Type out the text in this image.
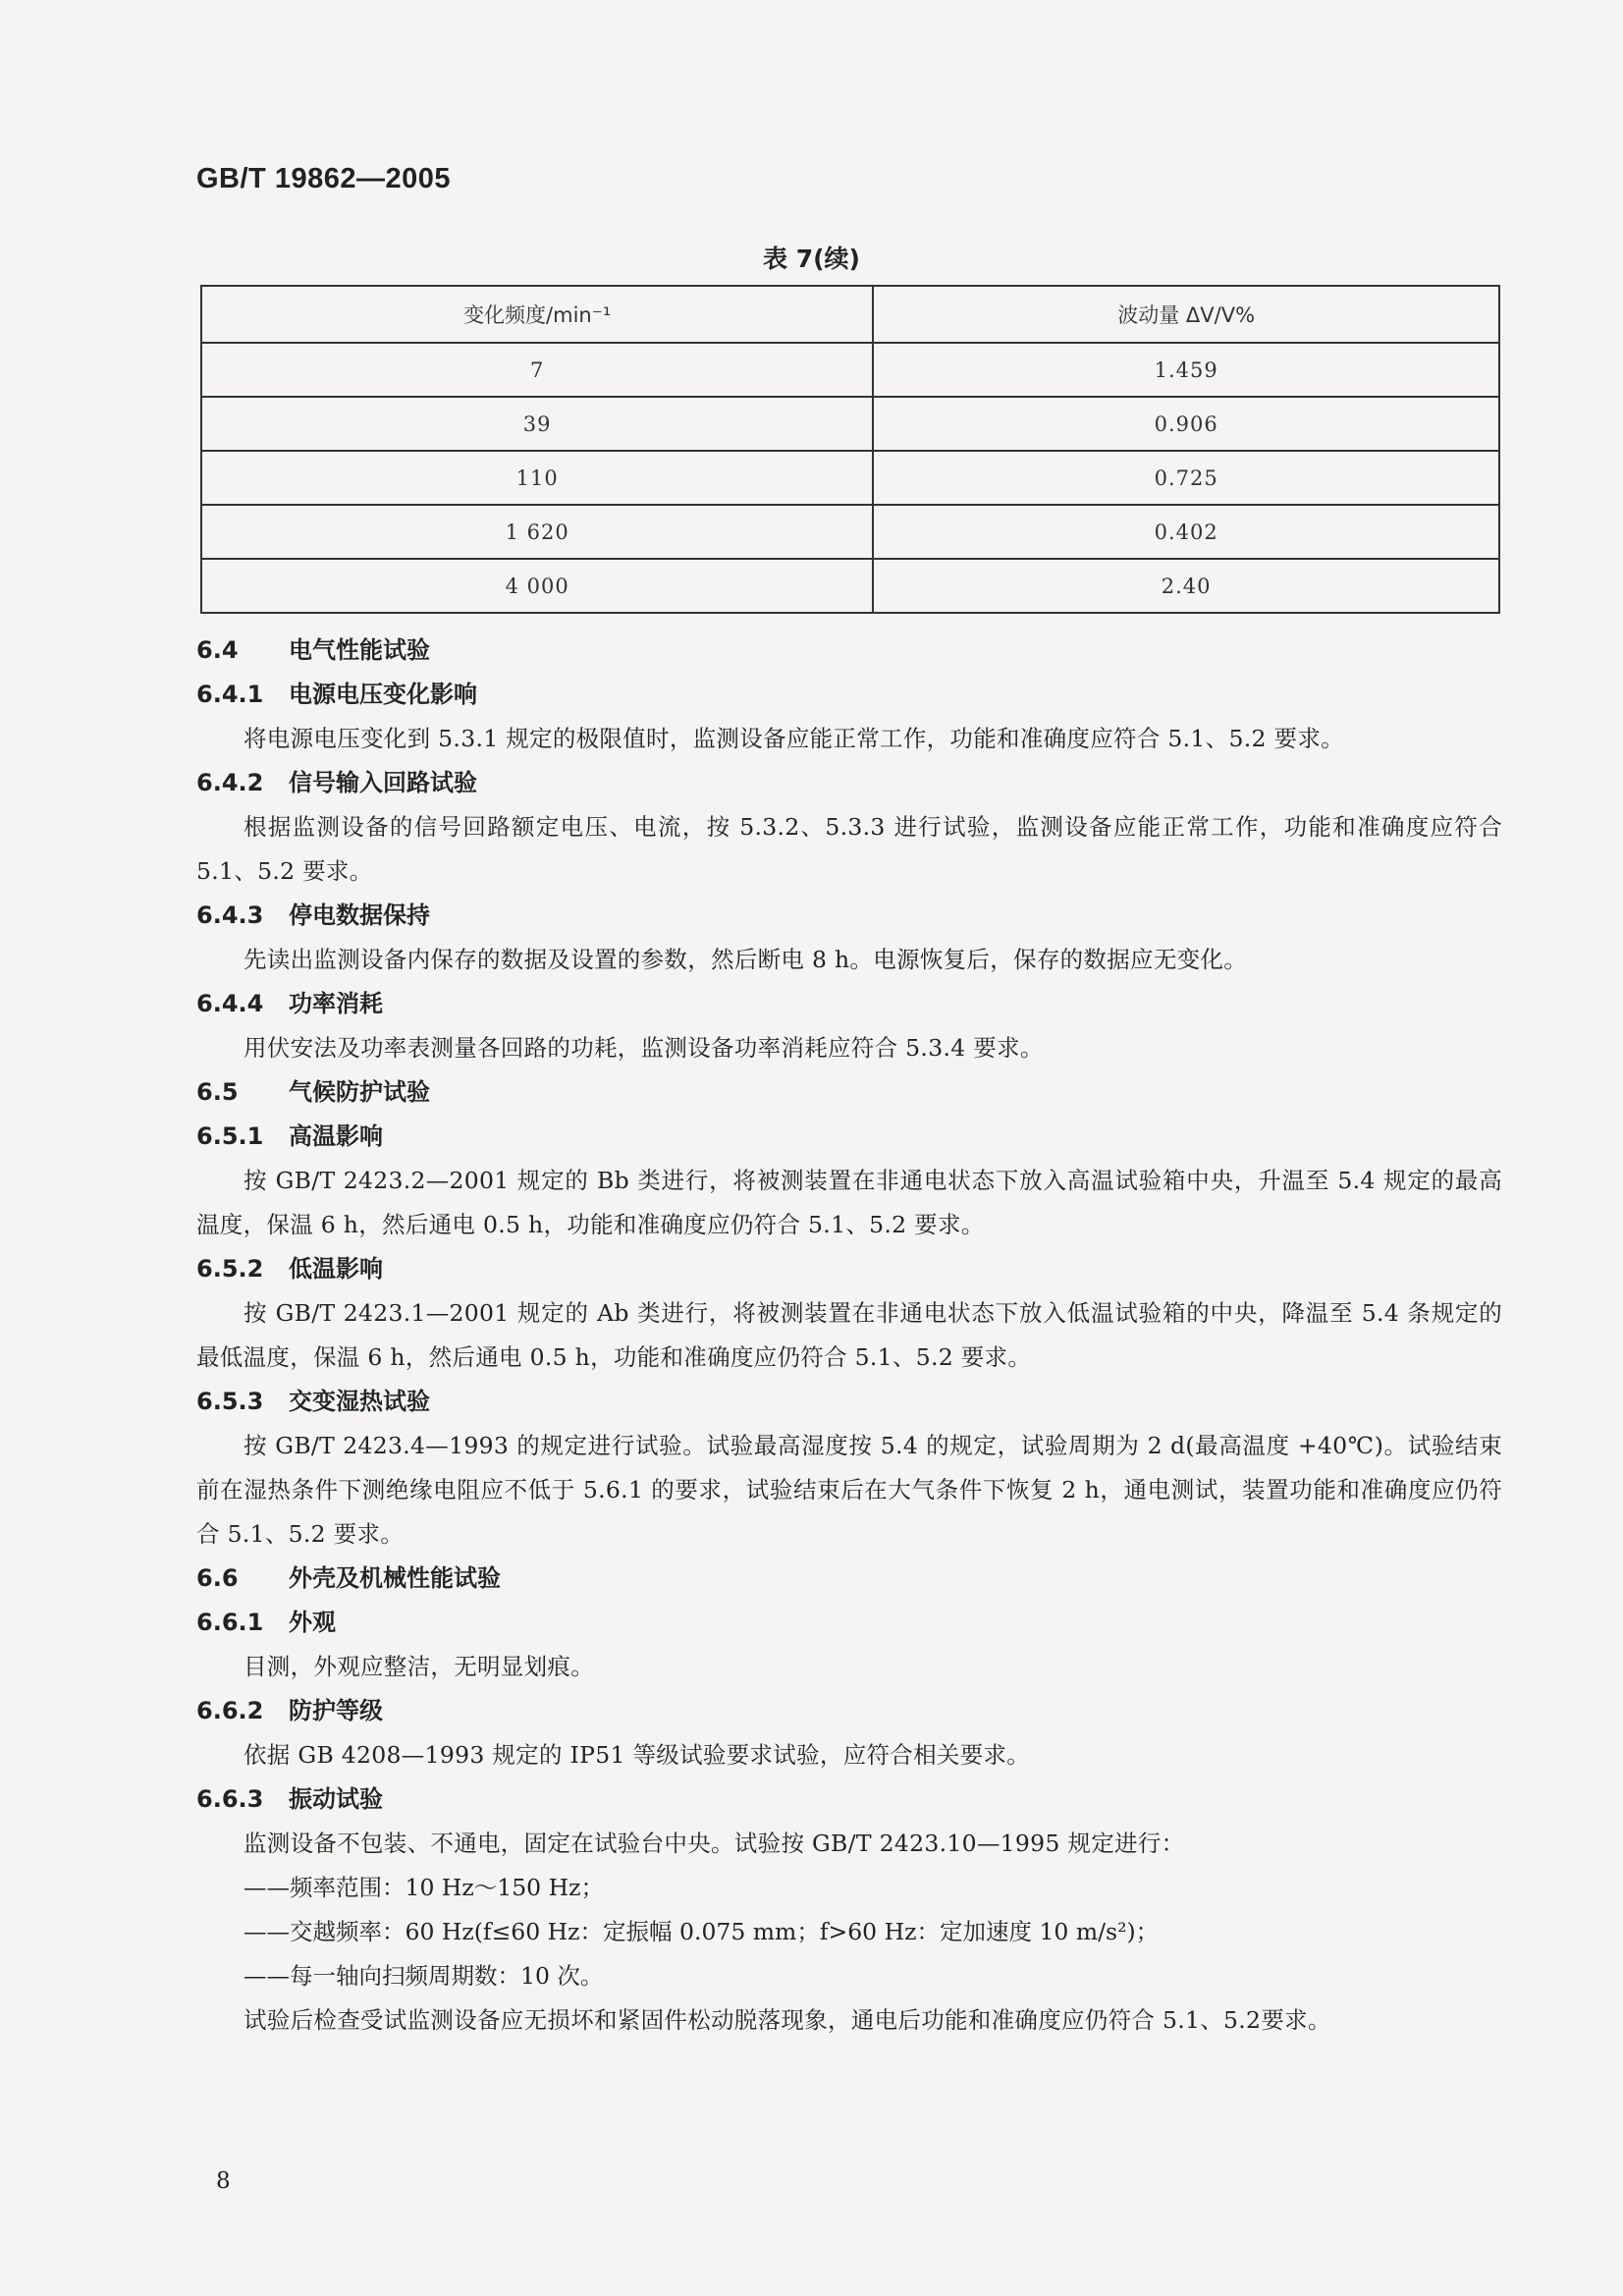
GB/T 19862—2005
表 7(续)
变化频度/min⁻¹	波动量 ΔV/V%
7	1.459
39	0.906
110	0.725
1 620	0.402
4 000	2.40
6.4 电气性能试验
6.4.1 电源电压变化影响
将电源电压变化到 5.3.1 规定的极限值时，监测设备应能正常工作，功能和准确度应符合 5.1、5.2 要求。
6.4.2 信号输入回路试验
根据监测设备的信号回路额定电压、电流，按 5.3.2、5.3.3 进行试验，监测设备应能正常工作，功能和准确度应符合 5.1、5.2 要求。
6.4.3 停电数据保持
先读出监测设备内保存的数据及设置的参数，然后断电 8 h。电源恢复后，保存的数据应无变化。
6.4.4 功率消耗
用伏安法及功率表测量各回路的功耗，监测设备功率消耗应符合 5.3.4 要求。
6.5 气候防护试验
6.5.1 高温影响
按 GB/T 2423.2—2001 规定的 Bb 类进行，将被测装置在非通电状态下放入高温试验箱中央，升温至 5.4 规定的最高温度，保温 6 h，然后通电 0.5 h，功能和准确度应仍符合 5.1、5.2 要求。
6.5.2 低温影响
按 GB/T 2423.1—2001 规定的 Ab 类进行，将被测装置在非通电状态下放入低温试验箱的中央，降温至 5.4 条规定的最低温度，保温 6 h，然后通电 0.5 h，功能和准确度应仍符合 5.1、5.2 要求。
6.5.3 交变湿热试验
按 GB/T 2423.4—1993 的规定进行试验。试验最高湿度按 5.4 的规定，试验周期为 2 d(最高温度 +40℃)。试验结束前在湿热条件下测绝缘电阻应不低于 5.6.1 的要求，试验结束后在大气条件下恢复 2 h，通电测试，装置功能和准确度应仍符合 5.1、5.2 要求。
6.6 外壳及机械性能试验
6.6.1 外观
目测，外观应整洁，无明显划痕。
6.6.2 防护等级
依据 GB 4208—1993 规定的 IP51 等级试验要求试验，应符合相关要求。
6.6.3 振动试验
监测设备不包装、不通电，固定在试验台中央。试验按 GB/T 2423.10—1995 规定进行：
——频率范围：10 Hz～150 Hz；
——交越频率：60 Hz(f≤60 Hz：定振幅 0.075 mm；f>60 Hz：定加速度 10 m/s²)；
——每一轴向扫频周期数：10 次。
试验后检查受试监测设备应无损坏和紧固件松动脱落现象，通电后功能和准确度应仍符合 5.1、5.2要求。
8
